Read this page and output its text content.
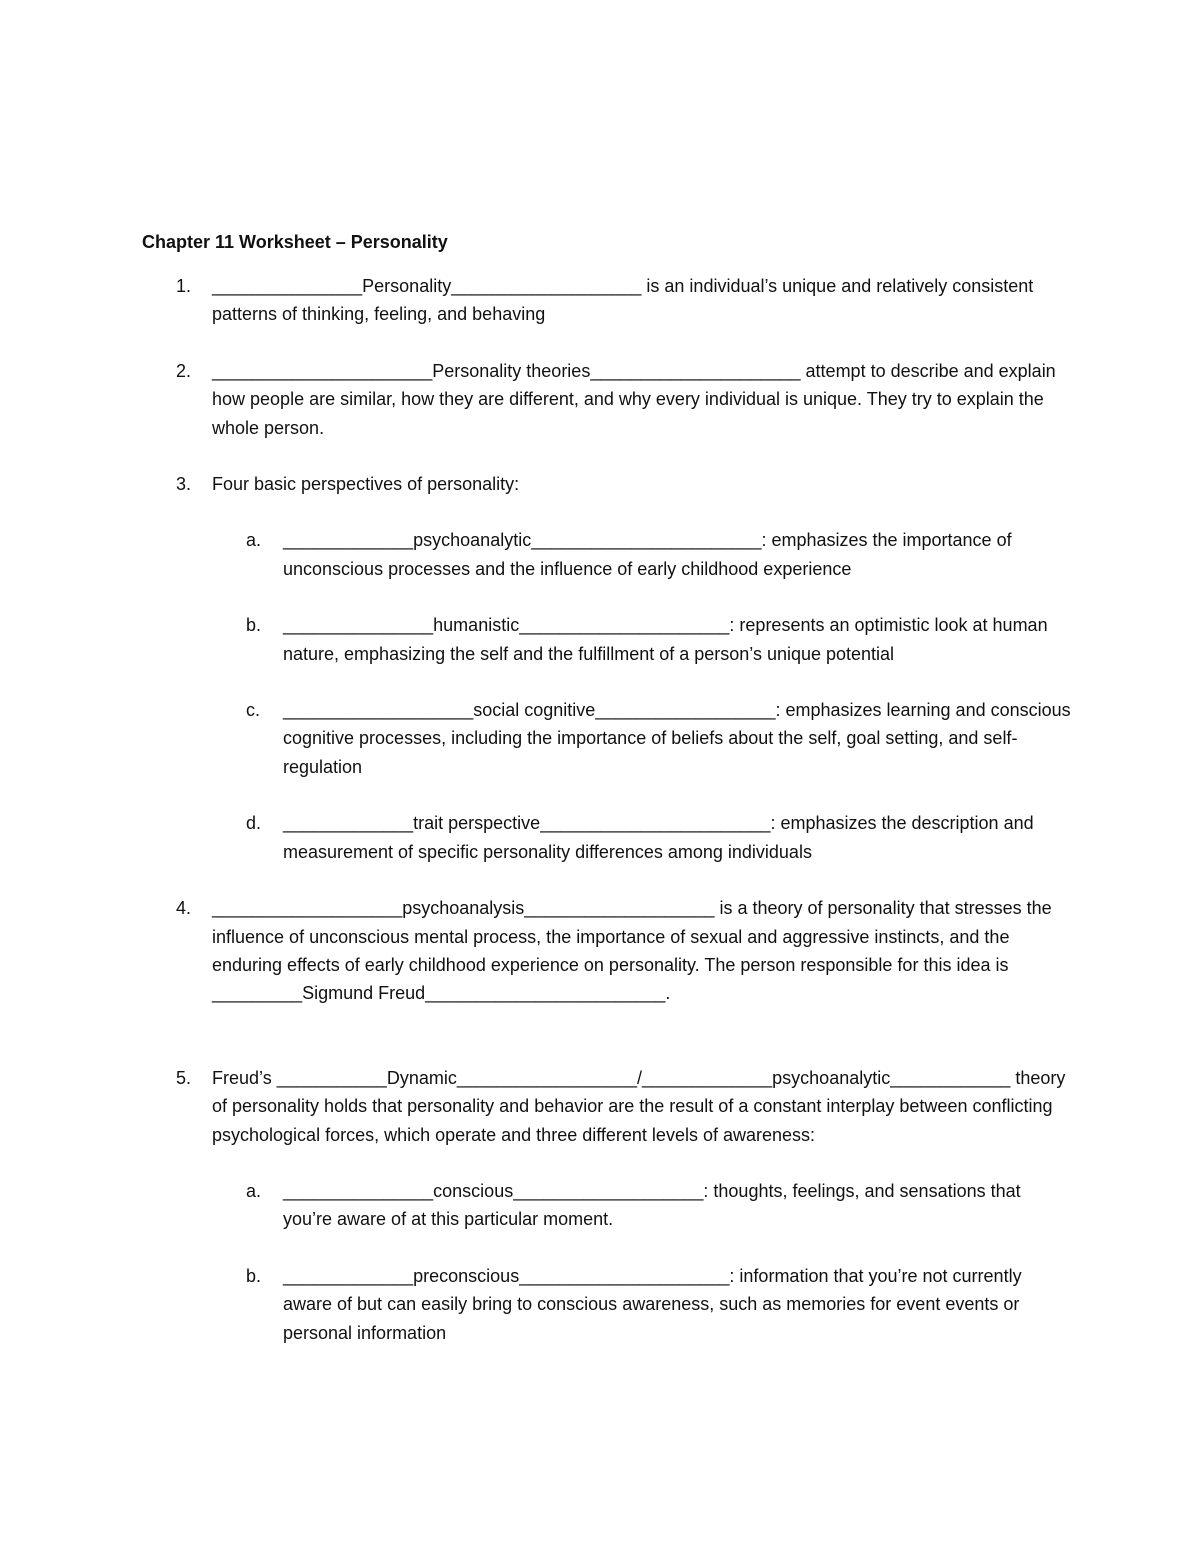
Chapter 11 Worksheet – Personality
1. _______________Personality___________________ is an individual’s unique and relatively consistent patterns of thinking, feeling, and behaving
2. ______________________Personality theories_____________________ attempt to describe and explain how people are similar, how they are different, and why every individual is unique. They try to explain the whole person.
3. Four basic perspectives of personality:
a. _____________psychoanalytic_______________________: emphasizes the importance of unconscious processes and the influence of early childhood experience
b. _______________humanistic_____________________: represents an optimistic look at human nature, emphasizing the self and the fulfillment of a person’s unique potential
c. ___________________social cognitive__________________: emphasizes learning and conscious cognitive processes, including the importance of beliefs about the self, goal setting, and self-regulation
d. _____________trait perspective_______________________: emphasizes the description and measurement of specific personality differences among individuals
4. ___________________psychoanalysis___________________ is a theory of personality that stresses the influence of unconscious mental process, the importance of sexual and aggressive instincts, and the enduring effects of early childhood experience on personality. The person responsible for this idea is _________Sigmund Freud________________________.
5. Freud’s ___________Dynamic__________________/_____________psychoanalytic____________ theory of personality holds that personality and behavior are the result of a constant interplay between conflicting psychological forces, which operate and three different levels of awareness:
a. _______________conscious___________________: thoughts, feelings, and sensations that you’re aware of at this particular moment.
b. _____________preconscious_____________________: information that you’re not currently aware of but can easily bring to conscious awareness, such as memories for event events or personal information
